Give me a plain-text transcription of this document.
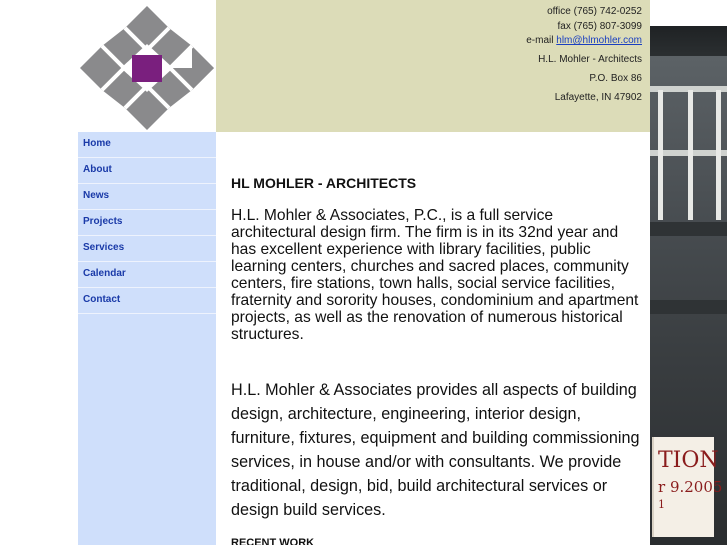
TION
r 9.2005
1
office (765) 742-0252
fax (765) 807-3099
e-mail hlm@hlmohler.com
H.L. Mohler - Architects
P.O. Box 86
Lafayette, IN 47902
Home
About
News
Projects
Services
Calendar
Contact
HL MOHLER - ARCHITECTS
H.L. Mohler & Associates, P.C., is a full service architectural design firm. The firm is in its 32nd year and has excellent experience with library facilities, public learning centers, churches and sacred places, community centers, fire stations, town halls, social service facilities, fraternity and sorority houses, condominium and apartment projects, as well as the renovation of numerous historical structures.
H.L. Mohler & Associates provides all aspects of building design, architecture, engineering, interior design, furniture, fixtures, equipment and building commissioning services, in house and/or with consultants. We provide traditional, design, bid, build architectural services or design build services.
RECENT WORK
